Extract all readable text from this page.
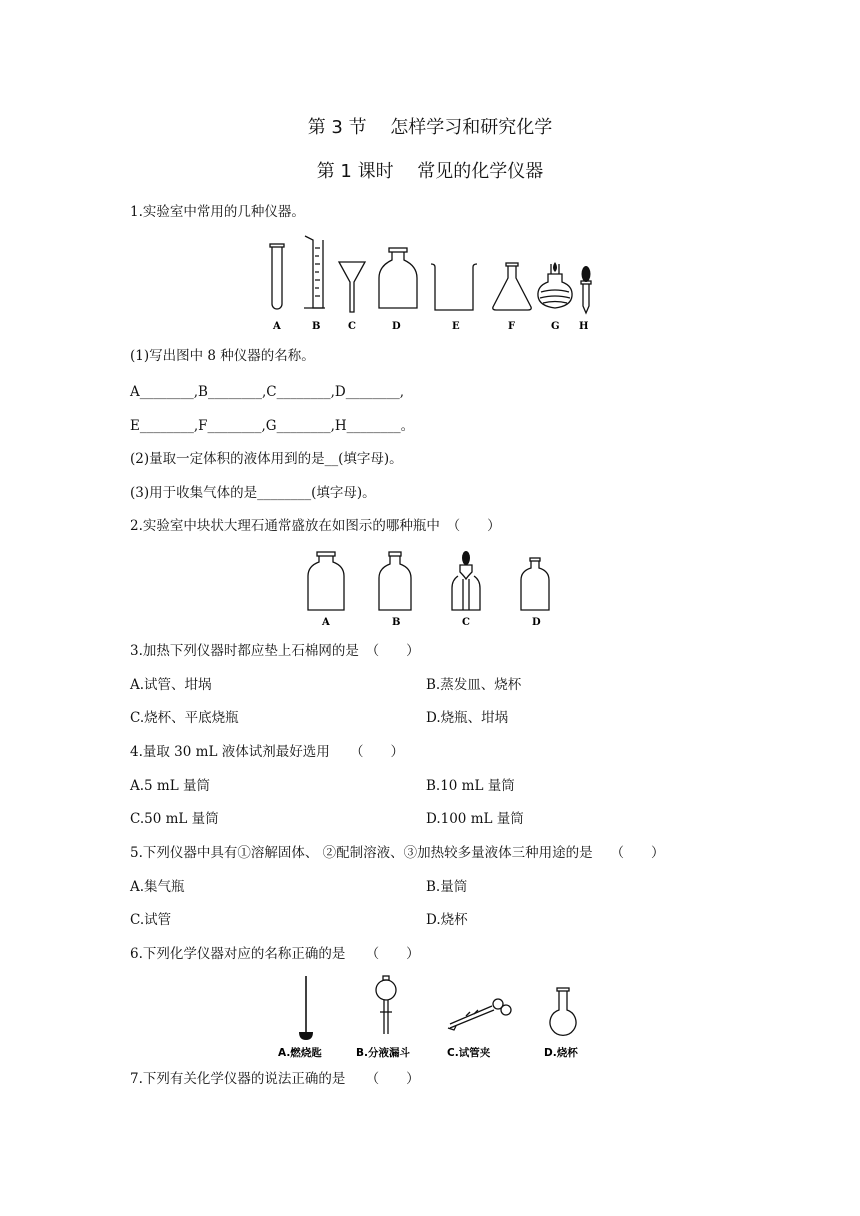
第 3 节　 怎样学习和研究化学
第 1 课时　 常见的化学仪器
1.实验室中常用的几种仪器。
A	B	C	D	E	F	G H
(1)写出图中 8 种仪器的名称。
A________,B________,C________,D________,
E________,F________,G________,H________。
(2)量取一定体积的液体用到的是__(填字母)。
(3)用于收集气体的是________(填字母)。
2.实验室中块状大理石通常盛放在如图示的哪种瓶中　（　　）
A	B	C	D
3.加热下列仪器时都应垫上石棉网的是　（　　）
A.试管、坩埚	B.蒸发皿、烧杯
C.烧杯、平底烧瓶	D.烧瓶、坩埚
4.量取 30 mL 液体试剂最好选用　　（　　）
A.5 mL 量筒	B.10 mL 量筒
C.50 mL 量筒	D.100 mL 量筒
5.下列仪器中具有①溶解固体、 ②配制溶液、③加热较多量液体三种用途的是　 （　　）
A.集气瓶	B.量筒
C.试管	D.烧杯
6.下列化学仪器对应的名称正确的是　　（　　）
A.燃烧匙	B.分液漏斗	C.试管夹	D.烧杯
7.下列有关化学仪器的说法正确的是　　（　　）
